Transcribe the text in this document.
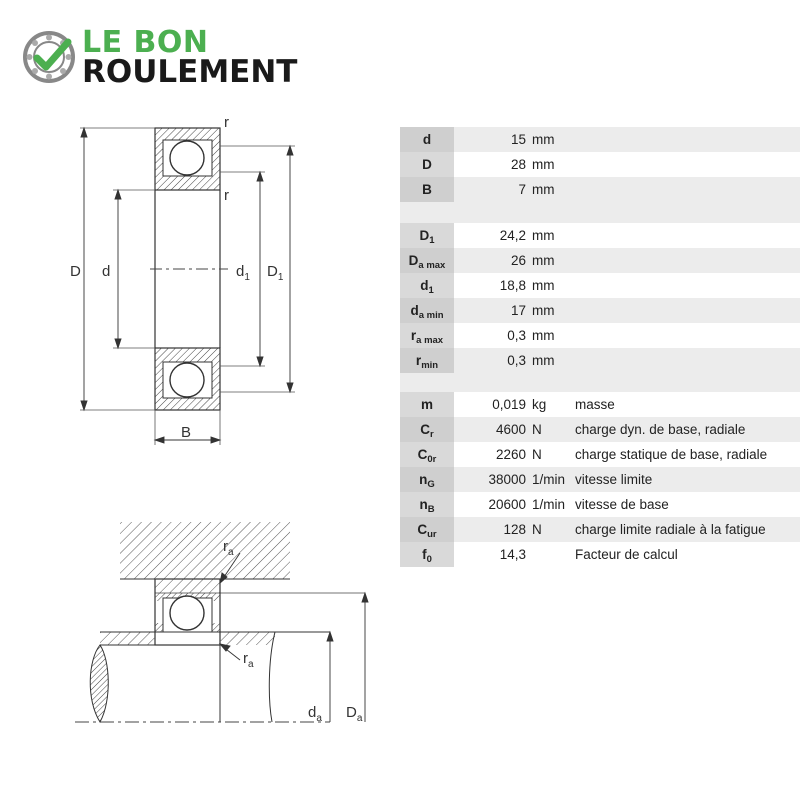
LE BON
ROULEMENT
D d	$d_1$ $D_1$
B
r
r
$r_a$
$r_a$
$d_a$ $D_a$
d	15 mm
D	28 mm
B	7 mm
$D_1$	24,2 mm
$D_{a max}$	26 mm
$d_1$	18,8 mm
$d_{a min}$	17 mm
$r_{a max}$	0,3 mm
$r_{min}$	0,3 mm
m	0,019 kg	masse
$C_r$	4600 N	charge dyn. de base, radiale
$C_{0r}$	2260 N	charge statique de base, radiale
$n_G$	38000 1/min vitesse limite
$n_B$	20600 1/min vitesse de base
$C_{ur}$	128 N	charge limite radiale à la fatigue
$f_0$	14,3	Facteur de calcul
